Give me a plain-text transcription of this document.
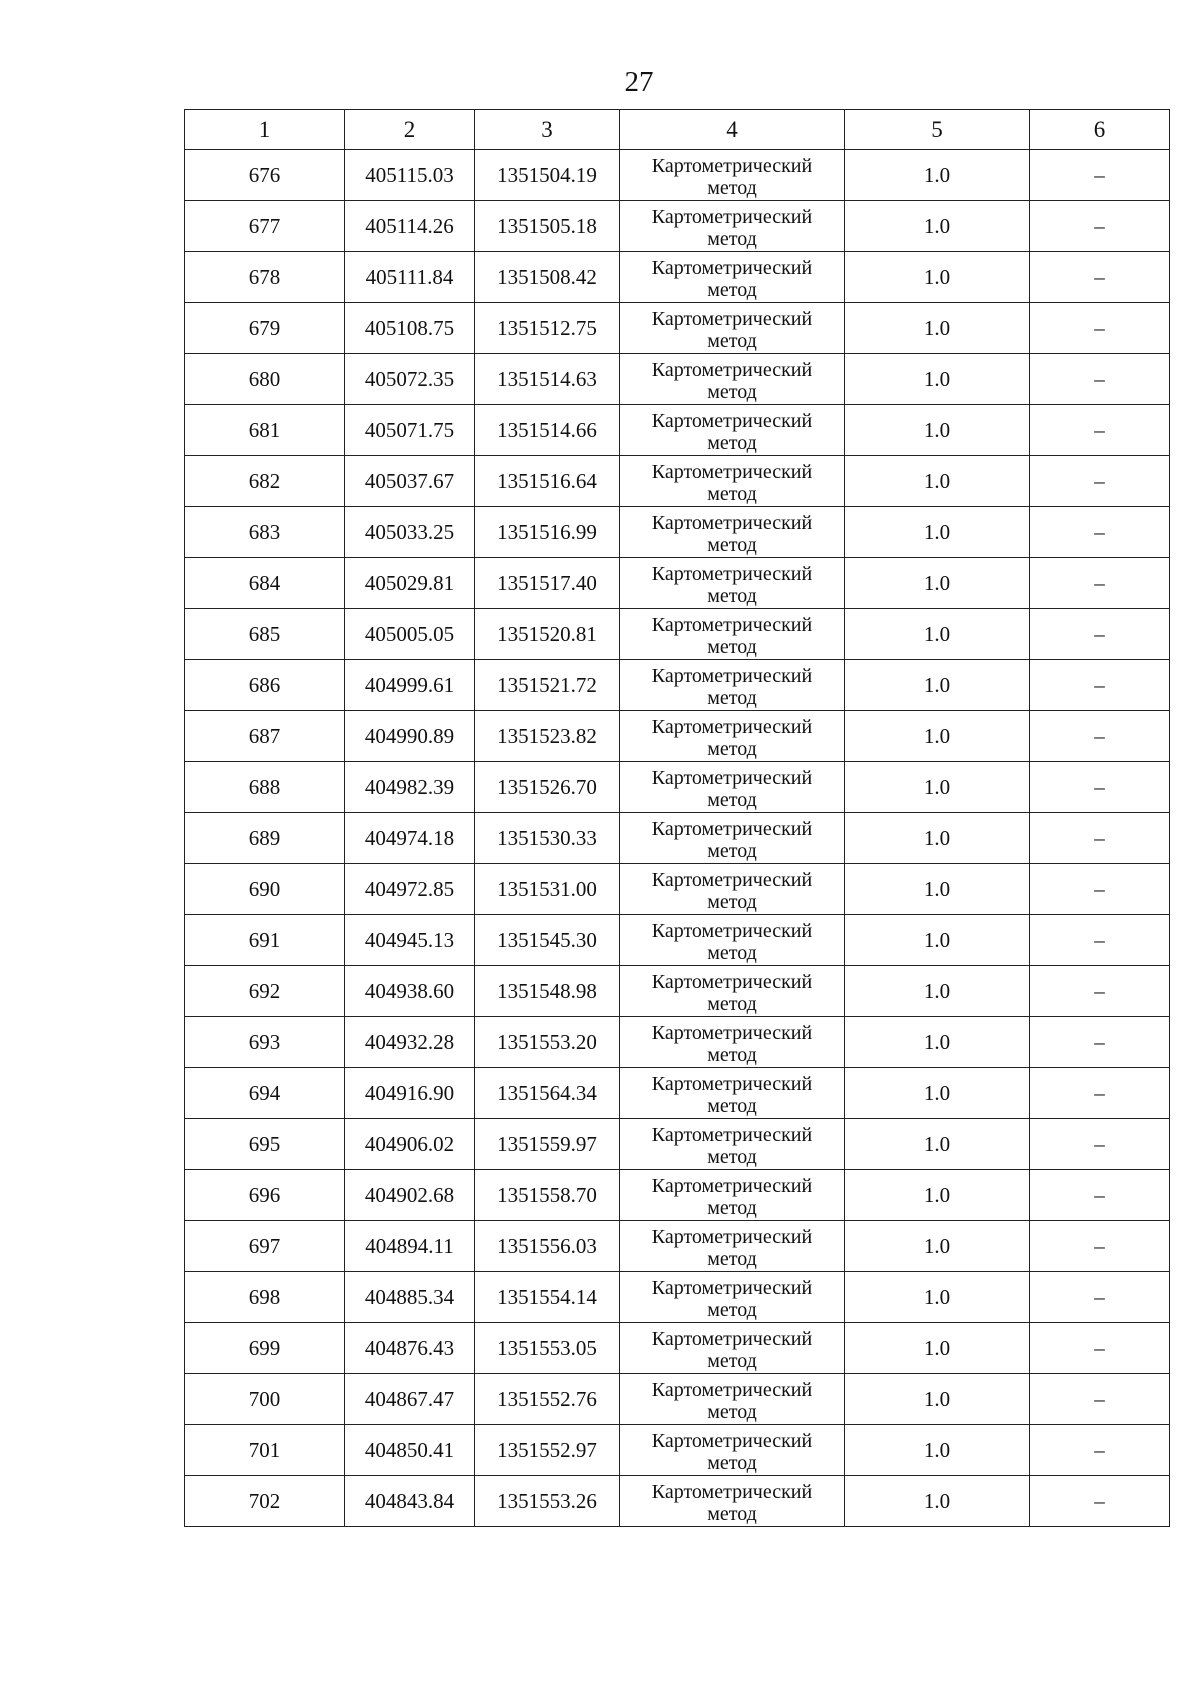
27
1	2	3	4	5	6
676	405115.03	1351504.19	Картометрический
метод	1.0	–
677	405114.26	1351505.18	Картометрический
метод	1.0	–
678	405111.84	1351508.42	Картометрический
метод	1.0	–
679	405108.75	1351512.75	Картометрический
метод	1.0	–
680	405072.35	1351514.63	Картометрический
метод	1.0	–
681	405071.75	1351514.66	Картометрический
метод	1.0	–
682	405037.67	1351516.64	Картометрический
метод	1.0	–
683	405033.25	1351516.99	Картометрический
метод	1.0	–
684	405029.81	1351517.40	Картометрический
метод	1.0	–
685	405005.05	1351520.81	Картометрический
метод	1.0	–
686	404999.61	1351521.72	Картометрический
метод	1.0	–
687	404990.89	1351523.82	Картометрический
метод	1.0	–
688	404982.39	1351526.70	Картометрический
метод	1.0	–
689	404974.18	1351530.33	Картометрический
метод	1.0	–
690	404972.85	1351531.00	Картометрический
метод	1.0	–
691	404945.13	1351545.30	Картометрический
метод	1.0	–
692	404938.60	1351548.98	Картометрический
метод	1.0	–
693	404932.28	1351553.20	Картометрический
метод	1.0	–
694	404916.90	1351564.34	Картометрический
метод	1.0	–
695	404906.02	1351559.97	Картометрический
метод	1.0	–
696	404902.68	1351558.70	Картометрический
метод	1.0	–
697	404894.11	1351556.03	Картометрический
метод	1.0	–
698	404885.34	1351554.14	Картометрический
метод	1.0	–
699	404876.43	1351553.05	Картометрический
метод	1.0	–
700	404867.47	1351552.76	Картометрический
метод	1.0	–
701	404850.41	1351552.97	Картометрический
метод	1.0	–
702	404843.84	1351553.26	Картометрический
метод	1.0	–
